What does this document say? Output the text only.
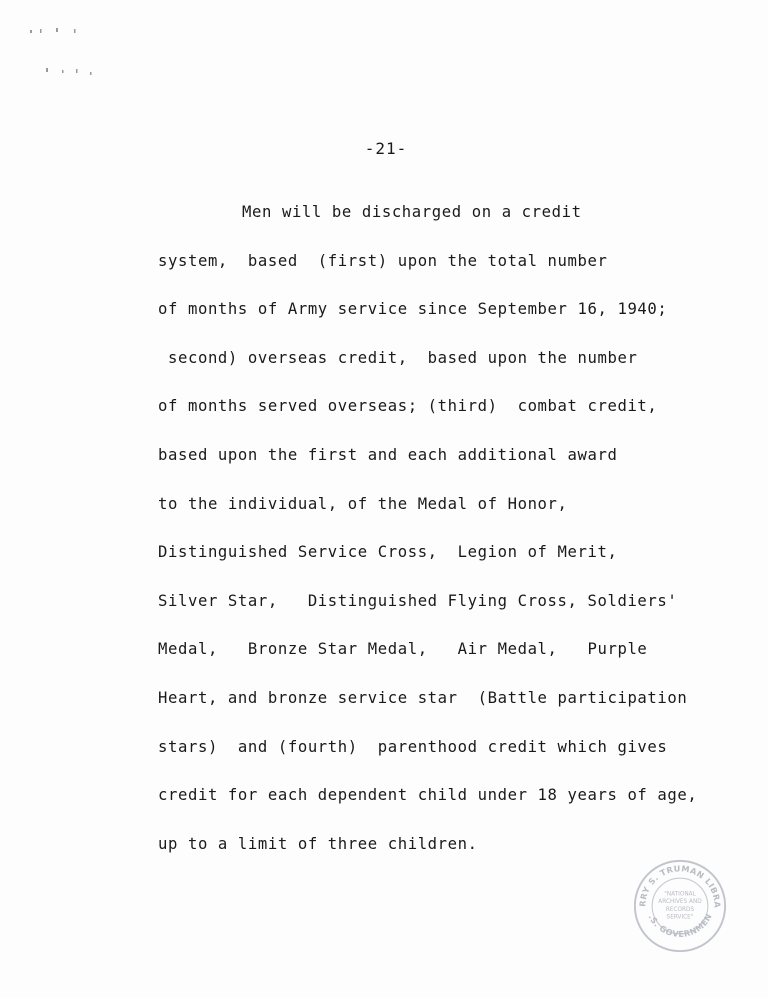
-21-
Men will be discharged on a credit
system,  based  (first) upon the total number
of months of Army service since September 16, 1940;
second) overseas credit,  based upon the number
of months served overseas; (third)  combat credit,
based upon the first and each additional award
to the individual, of the Medal of Honor,
Distinguished Service Cross,  Legion of Merit,
Silver Star,   Distinguished Flying Cross, Soldiers'
Medal,   Bronze Star Medal,   Air Medal,   Purple
Heart, and bronze service star  (Battle participation
stars)  and (fourth)  parenthood credit which gives
credit for each dependent child under 18 years of age,
up to a limit of three children.
RRY S. TRUMAN LIBRA
.S. GOVERNMEN
"NATIONAL
ARCHIVES AND
RECORDS
SERVICE"
